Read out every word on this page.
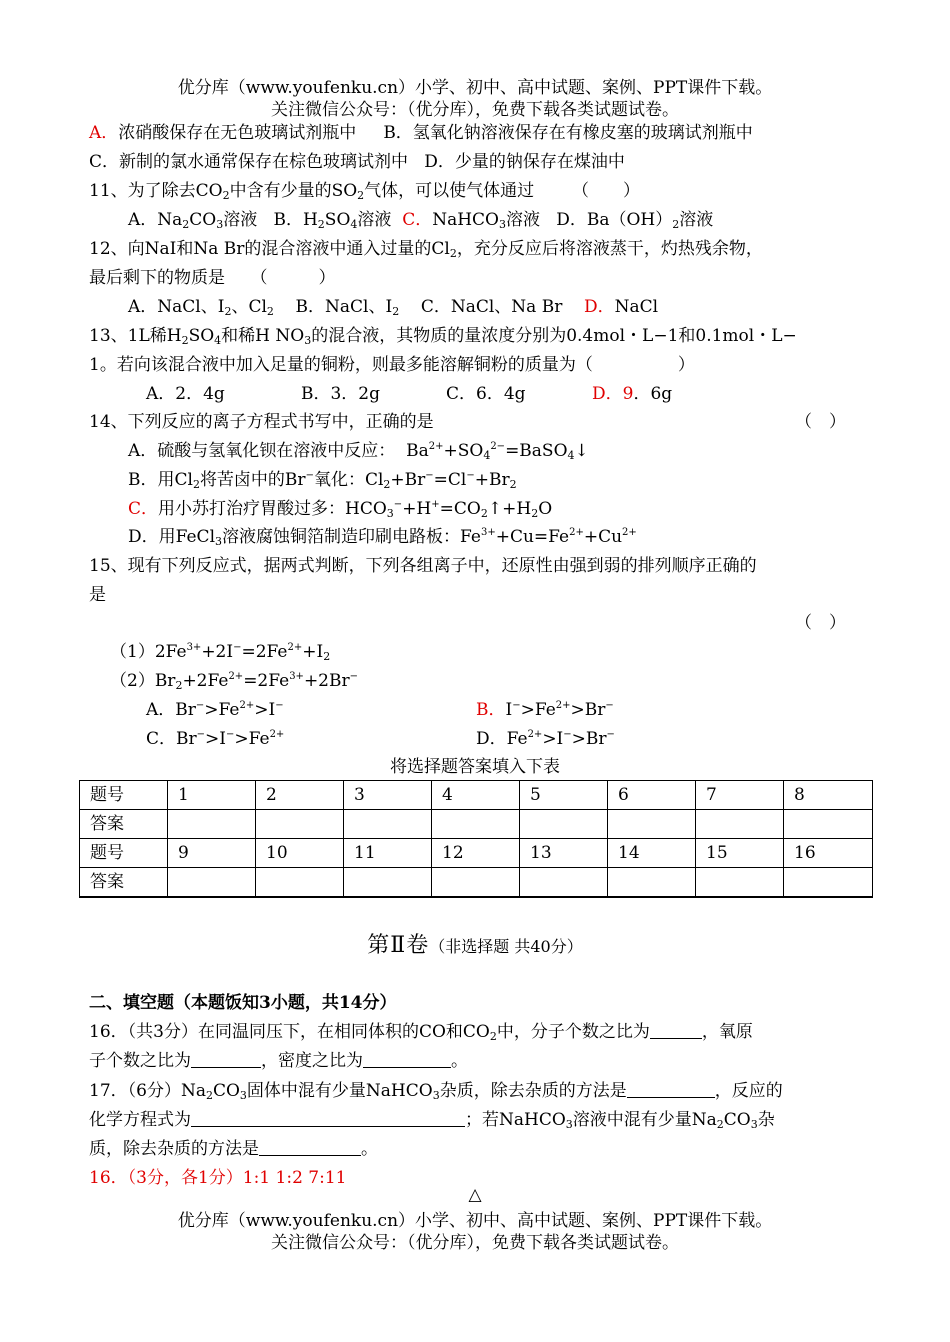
优分库（www.youfenku.cn）小学、初中、高中试题、案例、PPT课件下载。
关注微信公众号：（优分库），免费下载各类试题试卷。
A．浓硝酸保存在无色玻璃试剂瓶中 B．氢氧化钠溶液保存在有橡皮塞的玻璃试剂瓶中
C．新制的氯水通常保存在棕色玻璃试剂中 D．少量的钠保存在煤油中
11、为了除去$CO_2$中含有少量的$SO_2$气体，可以使气体通过 （　　）
A．$Na_2CO_3$溶液 B．$H_2SO_4$溶液 C．NaHCO$_3$溶液 D．$Ba(OH)_2$溶液
12、向NaI和Na Br的混合溶液中通入过量的$Cl_2$，充分反应后将溶液蒸干，灼热残余物，
最后剩下的物质是　　（　　　）
A．NaCl、$I_2$、$Cl_2$ B．NaCl、$I_2$ C．NaCl、Na Br D．NaCl
13、1L稀$H_2SO_4$和稀H $NO_3$的混合液，其物质的量浓度分别为0.4mol・L−1和0.1mol・L−
1。若向该混合液中加入足量的铜粉，则最多能溶解铜粉的质量为（　　　　　）
A．2．4g	B．3．2g	C．6．4g	D．9．6g
14、下列反应的离子方程式书写中，正确的是	（　）
A．硫酸与氢氧化钡在溶液中反应： $Ba^{2+}+SO_4^{2-}=BaSO_4↓$
B．用$Cl_2$将苦卤中的Br−氧化：$Cl_2+Br^-=Cl^-+Br_2$
C．用小苏打治疗胃酸过多：$HCO_3^-+H^+=CO_2↑+H_2O$
D．用FeCl$_3$溶液腐蚀铜箔制造印刷电路板：$Fe^{3+}+Cu=Fe^{2+}+Cu^{2+}$
15、现有下列反应式，据两式判断，下列各组离子中，还原性由强到弱的排列顺序正确的
是
（　）
$(1)2Fe^{3+}+2I^-=2Fe^{2+}+I_2$
$(2)Br_2+2Fe^{2+}=2Fe^{3+}+2Br^-$
A．$Br^->Fe^{2+}>I^-$	B．$I^->Fe^{2+}>Br^-$
C．$Br^->I^->Fe^{2+}$	D．$Fe^{2+}>I^->Br^-$
将选择题答案填入下表
题号	1	2	3	4	5	6	7	8
答案								
题号	9	10	11	12	13	14	15	16
答案								
第Ⅱ卷（非选择题 共40分）
二、填空题（本题饭知3小题，共14分）
16．（共3分）在同温同压下，在相同体积的CO和$CO_2$中，分子个数之比为	，氧原
子个数之比为	，密度之比为	。
17．（6分）$Na_2CO_3$固体中混有少量NaHCO$_3$杂质，除去杂质的方法是	，反应的
化学方程式为	；若NaHCO$_3$溶液中混有少量$Na_2CO_3$杂
质，除去杂质的方法是	。
16．（3分，各1分）1:1 1:2 7:11
△
优分库（www.youfenku.cn）小学、初中、高中试题、案例、PPT课件下载。
关注微信公众号：（优分库），免费下载各类试题试卷。
